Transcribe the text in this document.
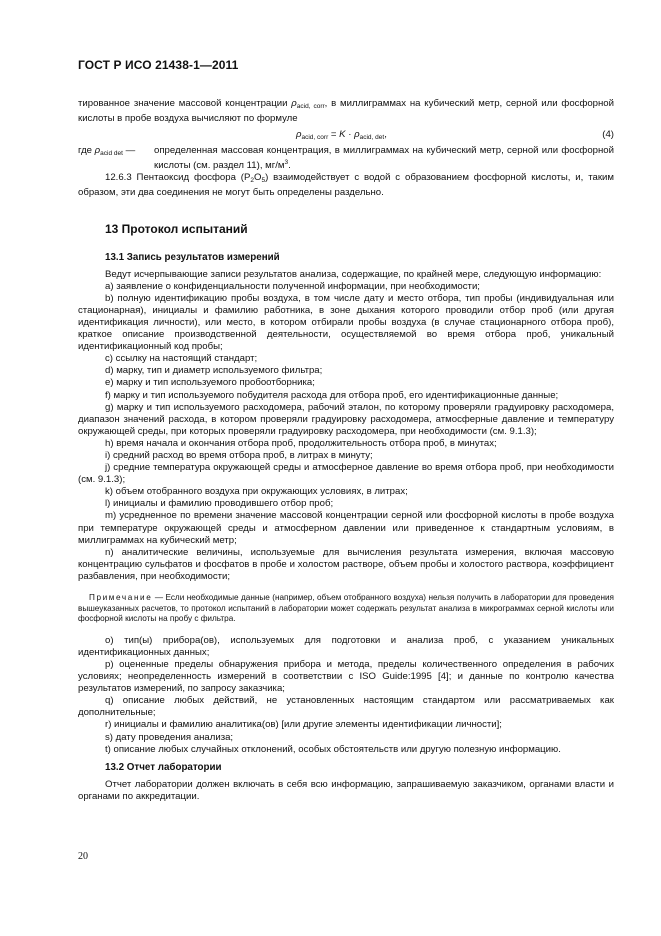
ГОСТ Р ИСО 21438-1—2011

тированное значение массовой концентрации $\rho_{acid, corr}$, в миллиграммах на кубический метр, серной или фосфорной кислоты в пробе воздуха вычисляют по формуле

$\rho_{acid, corr} = K \cdot \rho_{acid, det}$,	(4)
где $\rho_{acid det}$ —	определенная массовая концентрация, в миллиграммах на кубический метр, серной или фосфорной кислоты (см. раздел 11), $мг/м^3$.

12.6.3 Пентаоксид фосфора $(P_2O_5)$ взаимодействует с водой с образованием фосфорной кислоты, и, таким образом, эти два соединения не могут быть определены раздельно.

13 Протокол испытаний
13.1 Запись результатов измерений

Ведут исчерпывающие записи результатов анализа, содержащие, по крайней мере, следующую информацию:

a) заявление о конфиденциальности полученной информации, при необходимости;

b) полную идентификацию пробы воздуха, в том числе дату и место отбора, тип пробы (индивидуальная или стационарная), инициалы и фамилию работника, в зоне дыхания которого проводили отбор проб (или другая идентификация личности), или место, в котором отбирали пробы воздуха (в случае стационарного отбора проб), краткое описание производственной деятельности, осуществляемой во время отбора проб, уникальный идентификационный код пробы;

c) ссылку на настоящий стандарт;

d) марку, тип и диаметр используемого фильтра;

e) марку и тип используемого пробоотборника;

f) марку и тип используемого побудителя расхода для отбора проб, его идентификационные данные;

g) марку и тип используемого расходомера, рабочий эталон, по которому проверяли градуировку расходомера, диапазон значений расхода, в котором проверяли градуировку расходомера, атмосферные давление и температуру окружающей среды, при которых проверяли градуировку расходомера, при необходимости (см. 9.1.3);

h) время начала и окончания отбора проб, продолжительность отбора проб, в минутах;

i) средний расход во время отбора проб, в литрах в минуту;

j) средние температура окружающей среды и атмосферное давление во время отбора проб, при необходимости (см. 9.1.3);

k) объем отобранного воздуха при окружающих условиях, в литрах;

l) инициалы и фамилию проводившего отбор проб;

m) усредненное по времени значение массовой концентрации серной или фосфорной кислоты в пробе воздуха при температуре окружающей среды и атмосферном давлении или приведенное к стандартным условиям, в миллиграммах на кубический метр;

n) аналитические величины, используемые для вычисления результата измерения, включая массовую концентрацию сульфатов и фосфатов в пробе и холостом растворе, объем пробы и холостого раствора, коэффициент разбавления, при необходимости;

Примечание — Если необходимые данные (например, объем отобранного воздуха) нельзя получить в лаборатории для проведения вышеуказанных расчетов, то протокол испытаний в лаборатории может содержать результат анализа в микрограммах серной кислоты или фосфорной кислоты на пробу с фильтра.

o) тип(ы) прибора(ов), используемых для подготовки и анализа проб, с указанием уникальных идентификационных данных;

p) оцененные пределы обнаружения прибора и метода, пределы количественного определения в рабочих условиях; неопределенность измерений в соответствии с ISO Guide:1995 [4]; и данные по контролю качества результатов измерений, по запросу заказчика;

q) описание любых действий, не установленных настоящим стандартом или рассматриваемых как дополнительные;

r) инициалы и фамилию аналитика(ов) [или другие элементы идентификации личности];

s) дату проведения анализа;

t) описание любых случайных отклонений, особых обстоятельств или другую полезную информацию.

13.2 Отчет лаборатории

Отчет лаборатории должен включать в себя всю информацию, запрашиваемую заказчиком, органами власти и органами по аккредитации.

20
